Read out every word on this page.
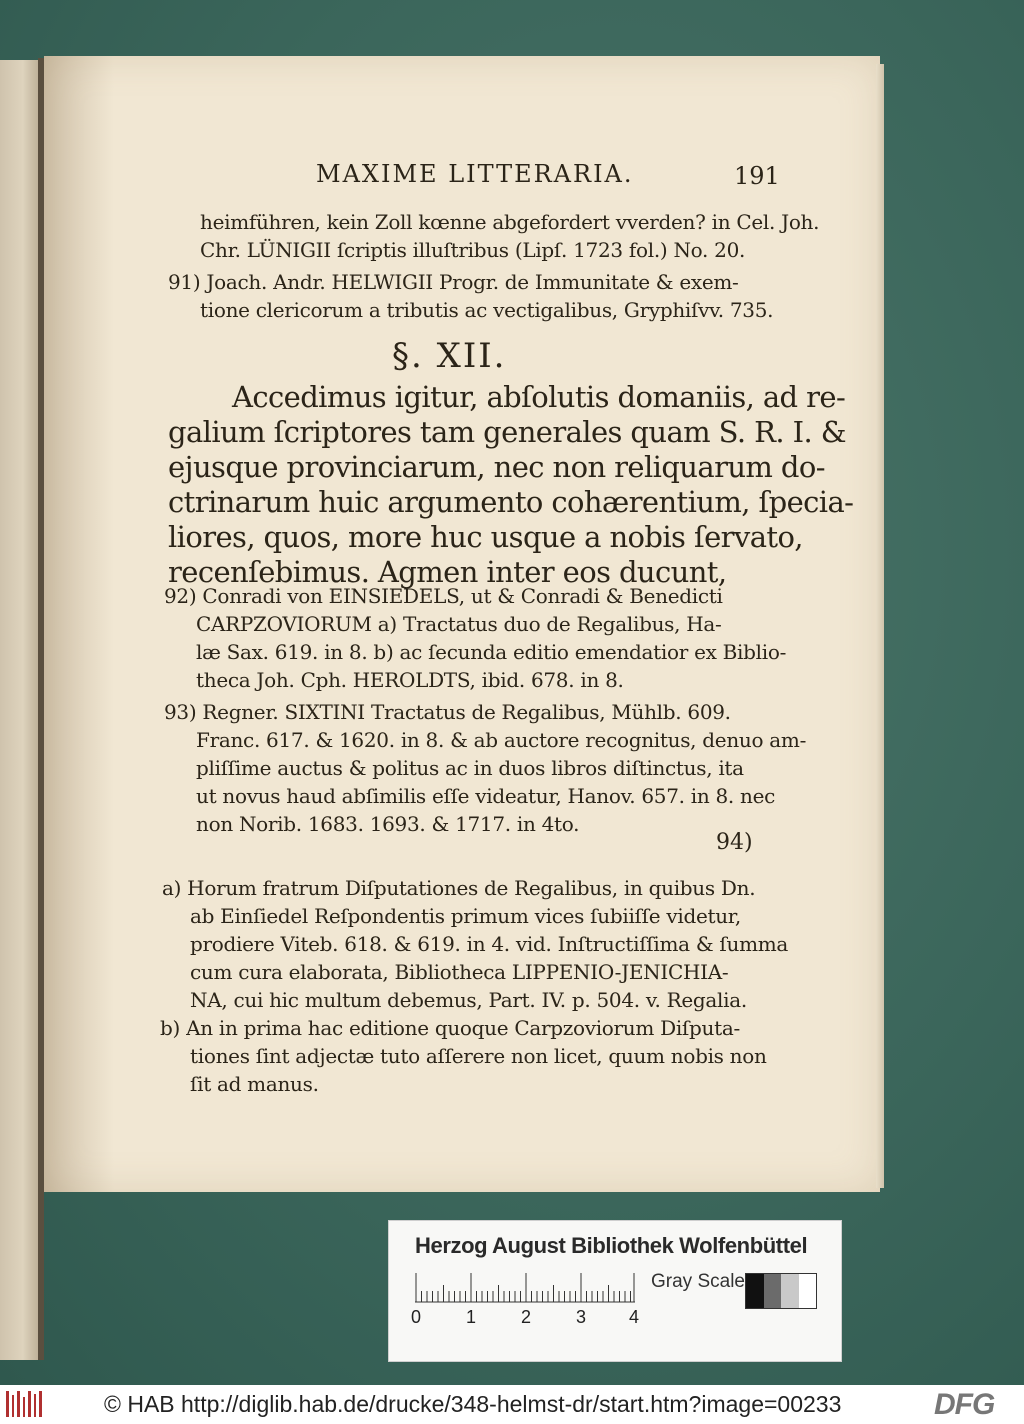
MAXIME LITTERARIA.	191
heimführen, kein Zoll kœnne abgefordert vverden? in Cel. Joh.
Chr. LÜNIGII ſcriptis illuſtribus (Lipſ. 1723 fol.) No. 20.
91) Joach. Andr. HELWIGII Progr. de Immunitate & exem-
tione clericorum a tributis ac vectigalibus, Gryphiſvv. 735.
§. XII.
Accedimus igitur, abſolutis domaniis, ad re-
galium ſcriptores tam generales quam S. R. I. &
ejusque provinciarum, nec non reliquarum do-
ctrinarum huic argumento cohærentium, ſpecia-
liores, quos, more huc usque a nobis ſervato,
recenſebimus. Agmen inter eos ducunt,
92) Conradi von EINSIEDELS, ut & Conradi & Benedicti
CARPZOVIORUM a) Tractatus duo de Regalibus, Ha-
læ Sax. 619. in 8. b) ac ſecunda editio emendatior ex Biblio-
theca Joh. Cph. HEROLDTS, ibid. 678. in 8.
93) Regner. SIXTINI Tractatus de Regalibus, Mühlb. 609.
Franc. 617. & 1620. in 8. & ab auctore recognitus, denuo am-
pliſſime auctus & politus ac in duos libros diſtinctus, ita
ut novus haud abſimilis eſſe videatur, Hanov. 657. in 8. nec
non Norib. 1683. 1693. & 1717. in 4to.
94)
a) Horum fratrum Diſputationes de Regalibus, in quibus Dn.
ab Einſiedel Reſpondentis primum vices ſubiiſſe videtur,
prodiere Viteb. 618. & 619. in 4. vid. Inſtructiſſima & ſumma
cum cura elaborata, Bibliotheca LIPPENIO-JENICHIA-
NA, cui hic multum debemus, Part. IV. p. 504. v. Regalia.
b) An in prima hac editione quoque Carpzoviorum Diſputa-
tiones ſint adjectæ tuto aſſerere non licet, quum nobis non
ſit ad manus.
Herzog August Bibliothek Wolfenbüttel
0 1 2 3 4
Gray Scale
© HAB http://diglib.hab.de/drucke/348-helmst-dr/start.htm?image=00233	DFG
